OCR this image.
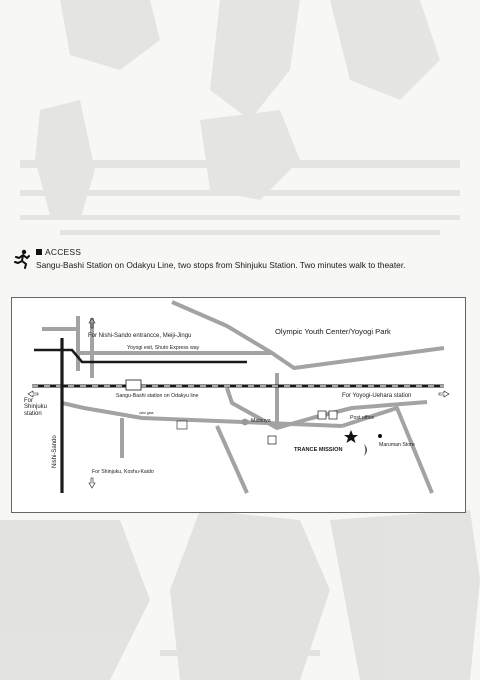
ACCESS
Sangu-Bashi Station on Odakyu Line, two stops from Shinjuku Station. Two minutes walk to theater.
For Nishi-Sando entrancce, Meiji-Jingu	Olympic Youth Center/Yoyogi Park
Yoyogi exit, Shuto Express way
For Shinjuku station
Sangu-Bashi station on Odakyu line	For Yoyogi-Uehara station
Nishi-Sando
ocho gass
Matsuya	Post office
Maruman Store
TRANCE MISSION
For Shinjuku, Koshu-Kaido
